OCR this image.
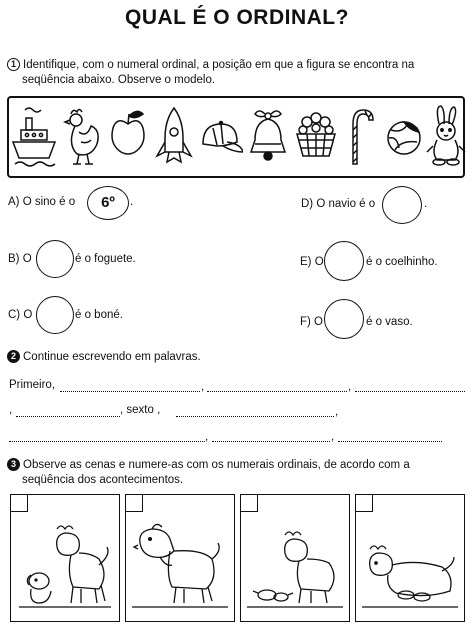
QUAL É O ORDINAL?
1 Identifique, com o numeral ordinal, a posição em que a figura se encontra na
seqüência abaixo. Observe o modelo.
A) O sino é o	6º	.	D) O navio é o	.
B) O	é o foguete.	E) O	é o coelhinho.
C) O	é o boné.
F) O	é o vaso.
2 Continue escrevendo em palavras.
Primeiro,	,	,
,	, sexto ,	,
,	,
3 Observe as cenas e numere-as com os numerais ordinais, de acordo com a
seqüência dos acontecimentos.
